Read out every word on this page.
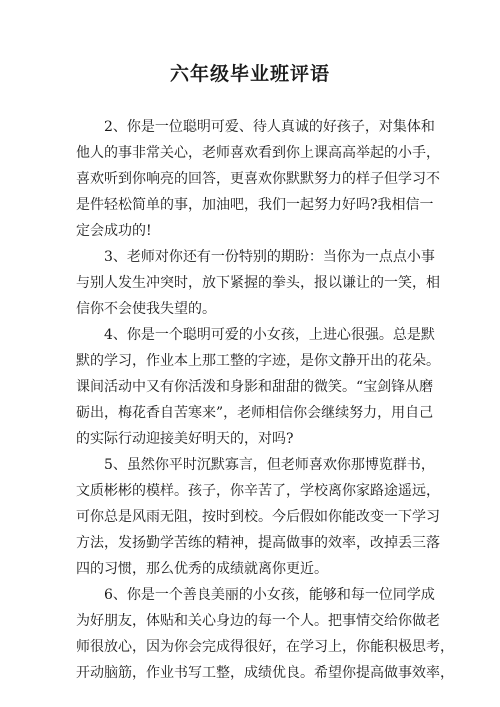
六年级毕业班评语
2、你是一位聪明可爱、待人真诚的好孩子，对集体和
他人的事非常关心，老师喜欢看到你上课高高举起的小手，
喜欢听到你响亮的回答，更喜欢你默默努力的样子但学习不
是件轻松简单的事，加油吧，我们一起努力好吗?我相信一
定会成功的!
3、老师对你还有一份特别的期盼：当你为一点点小事
与别人发生冲突时，放下紧握的拳头，报以谦让的一笑，相
信你不会使我失望的。
4、你是一个聪明可爱的小女孩，上进心很强。总是默
默的学习，作业本上那工整的字迹，是你文静开出的花朵。
课间活动中又有你活泼和身影和甜甜的微笑。“宝剑锋从磨
砺出，梅花香自苦寒来”，老师相信你会继续努力，用自己
的实际行动迎接美好明天的，对吗?
5、虽然你平时沉默寡言，但老师喜欢你那博览群书，
文质彬彬的模样。孩子，你辛苦了，学校离你家路途遥远，
可你总是风雨无阻，按时到校。今后假如你能改变一下学习
方法，发扬勤学苦练的精神，提高做事的效率，改掉丢三落
四的习惯，那么优秀的成绩就离你更近。
6、你是一个善良美丽的小女孩，能够和每一位同学成
为好朋友，体贴和关心身边的每一个人。把事情交给你做老
师很放心，因为你会完成得很好，在学习上，你能积极思考，
开动脑筋，作业书写工整，成绩优良。希望你提高做事效率，
